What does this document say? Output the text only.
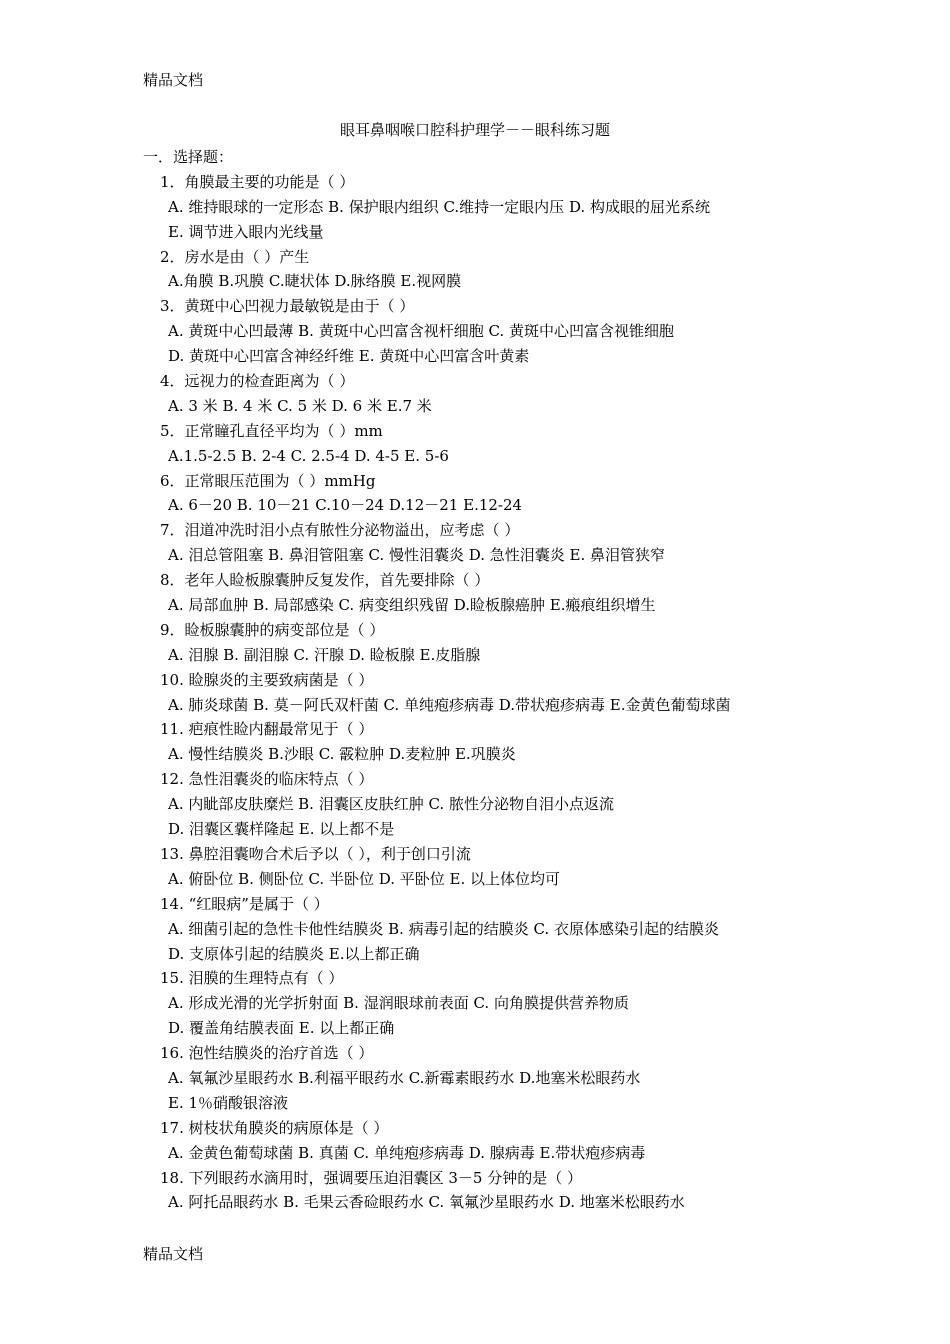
精品文档
眼耳鼻咽喉口腔科护理学－－眼科练习题
一．选择题：
1．角膜最主要的功能是（ ）
A. 维持眼球的一定形态 B. 保护眼内组织 C.维持一定眼内压 D. 构成眼的屈光系统
E. 调节进入眼内光线量
2．房水是由（ ）产生
A.角膜 B.巩膜 C.睫状体 D.脉络膜 E.视网膜
3．黄斑中心凹视力最敏锐是由于（ ）
A. 黄斑中心凹最薄 B. 黄斑中心凹富含视杆细胞 C. 黄斑中心凹富含视锥细胞
D. 黄斑中心凹富含神经纤维 E. 黄斑中心凹富含叶黄素
4．远视力的检查距离为（ ）
A. 3 米 B. 4 米 C. 5 米 D. 6 米 E.7 米
5．正常瞳孔直径平均为（ ）mm
A.1.5-2.5 B. 2-4 C. 2.5-4 D. 4-5 E. 5-6
6．正常眼压范围为（ ）mmHg
A. 6－20 B. 10－21 C.10－24 D.12－21 E.12-24
7．泪道冲洗时泪小点有脓性分泌物溢出，应考虑（ ）
A. 泪总管阻塞 B. 鼻泪管阻塞 C. 慢性泪囊炎 D. 急性泪囊炎 E. 鼻泪管狭窄
8．老年人睑板腺囊肿反复发作，首先要排除（ ）
A. 局部血肿 B. 局部感染 C. 病变组织残留 D.睑板腺癌肿 E.瘢痕组织增生
9．睑板腺囊肿的病变部位是（ ）
A. 泪腺 B. 副泪腺 C. 汗腺 D. 睑板腺 E.皮脂腺
10. 睑腺炎的主要致病菌是（ ）
A. 肺炎球菌 B. 莫－阿氏双杆菌 C. 单纯疱疹病毒 D.带状疱疹病毒 E.金黄色葡萄球菌
11. 疤痕性睑内翻最常见于（ ）
A. 慢性结膜炎 B.沙眼 C. 霰粒肿 D.麦粒肿 E.巩膜炎
12. 急性泪囊炎的临床特点（ ）
A. 内眦部皮肤糜烂 B. 泪囊区皮肤红肿 C. 脓性分泌物自泪小点返流
D. 泪囊区囊样隆起 E. 以上都不是
13. 鼻腔泪囊吻合术后予以（ ），利于创口引流
A. 俯卧位 B. 侧卧位 C. 半卧位 D. 平卧位 E. 以上体位均可
14. “红眼病”是属于（ ）
A. 细菌引起的急性卡他性结膜炎 B. 病毒引起的结膜炎 C. 衣原体感染引起的结膜炎
D. 支原体引起的结膜炎 E.以上都正确
15. 泪膜的生理特点有（ ）
A. 形成光滑的光学折射面 B. 湿润眼球前表面 C. 向角膜提供营养物质
D. 覆盖角结膜表面 E. 以上都正确
16. 泡性结膜炎的治疗首选（ ）
A. 氧氟沙星眼药水 B.利福平眼药水 C.新霉素眼药水 D.地塞米松眼药水
E. 1％硝酸银溶液
17. 树枝状角膜炎的病原体是（ ）
A. 金黄色葡萄球菌 B. 真菌 C. 单纯疱疹病毒 D. 腺病毒 E.带状疱疹病毒
18. 下列眼药水滴用时，强调要压迫泪囊区 3－5 分钟的是（ ）
A. 阿托品眼药水 B. 毛果云香硷眼药水 C. 氧氟沙星眼药水 D. 地塞米松眼药水
精品文档
